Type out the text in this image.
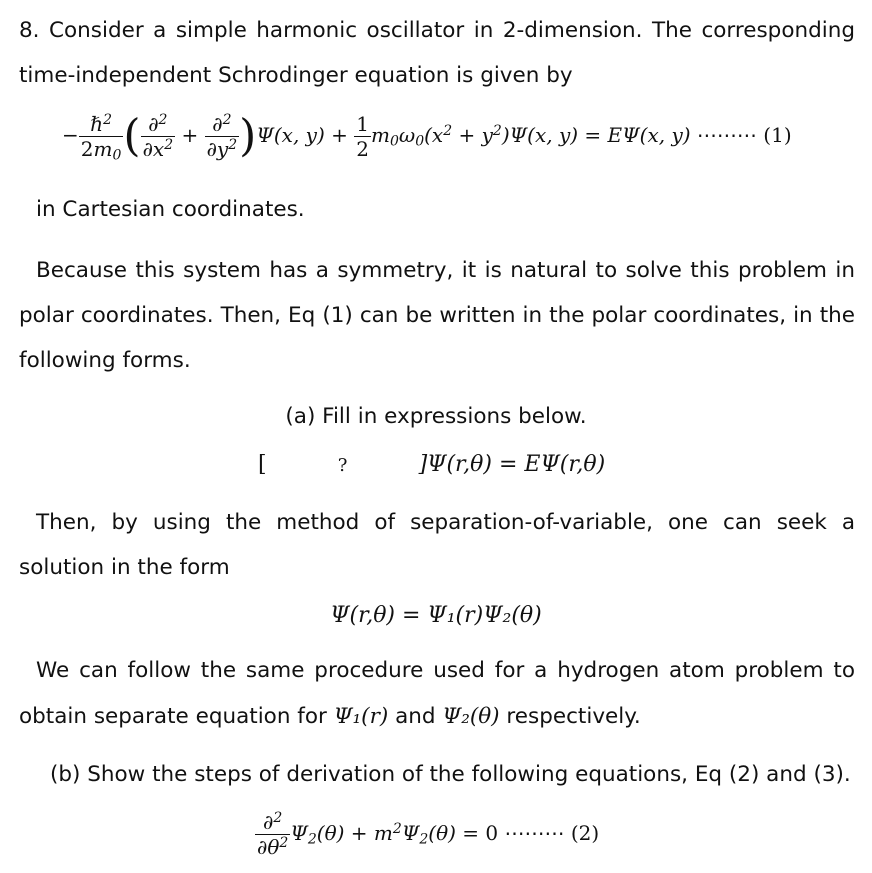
8. Consider a simple harmonic oscillator in 2-dimension. The corresponding time-independent Schrodinger equation is given by
− $\frac{\hbar^2}{2m_0}$ ( $\frac{\partial^2}{\partial x^2} + \frac{\partial^2}{\partial y^2} )\Psi(x$, $y) + \frac{1}{2} m_0\omega_0(x^2 + y^2)\Psi(x$, y) = EΨ(x, y) ⋯⋯⋯ (1)
in Cartesian coordinates.
Because this system has a symmetry, it is natural to solve this problem in polar coordinates. Then, Eq (1) can be written in the polar coordinates, in the following forms.
(a) Fill in expressions below.
[	?	]Ψ(r,θ) = EΨ(r,θ)
Then, by using the method of separation-of-variable, one can seek a solution in the form
Ψ(r,θ) = Ψ₁(r)Ψ₂(θ)
We can follow the same procedure used for a hydrogen atom problem to
obtain separate equation for Ψ₁(r) and Ψ₂(θ) respectively.
(b) Show the steps of derivation of the following equations, Eq (2) and (3).
$\frac{\partial^2}{\partial\theta^2} \Psi_2(\theta) + m^2\Psi_2(\theta) = 0$ ⋯⋯⋯ (2)
